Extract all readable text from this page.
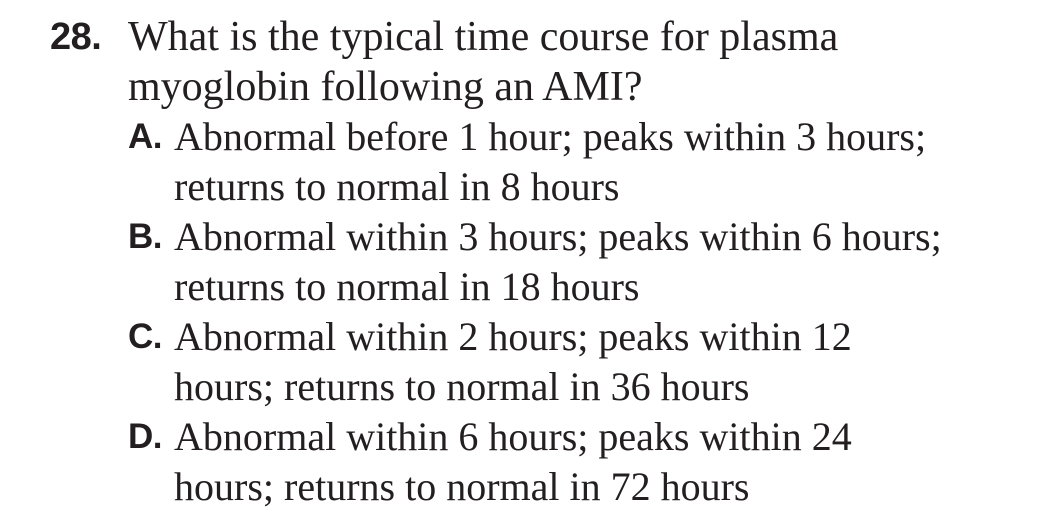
28. What is the typical time course for plasma myoglobin following an AMI?
A. Abnormal before 1 hour; peaks within 3 hours; returns to normal in 8 hours
B. Abnormal within 3 hours; peaks within 6 hours; returns to normal in 18 hours
C. Abnormal within 2 hours; peaks within 12 hours; returns to normal in 36 hours
D. Abnormal within 6 hours; peaks within 24 hours; returns to normal in 72 hours
